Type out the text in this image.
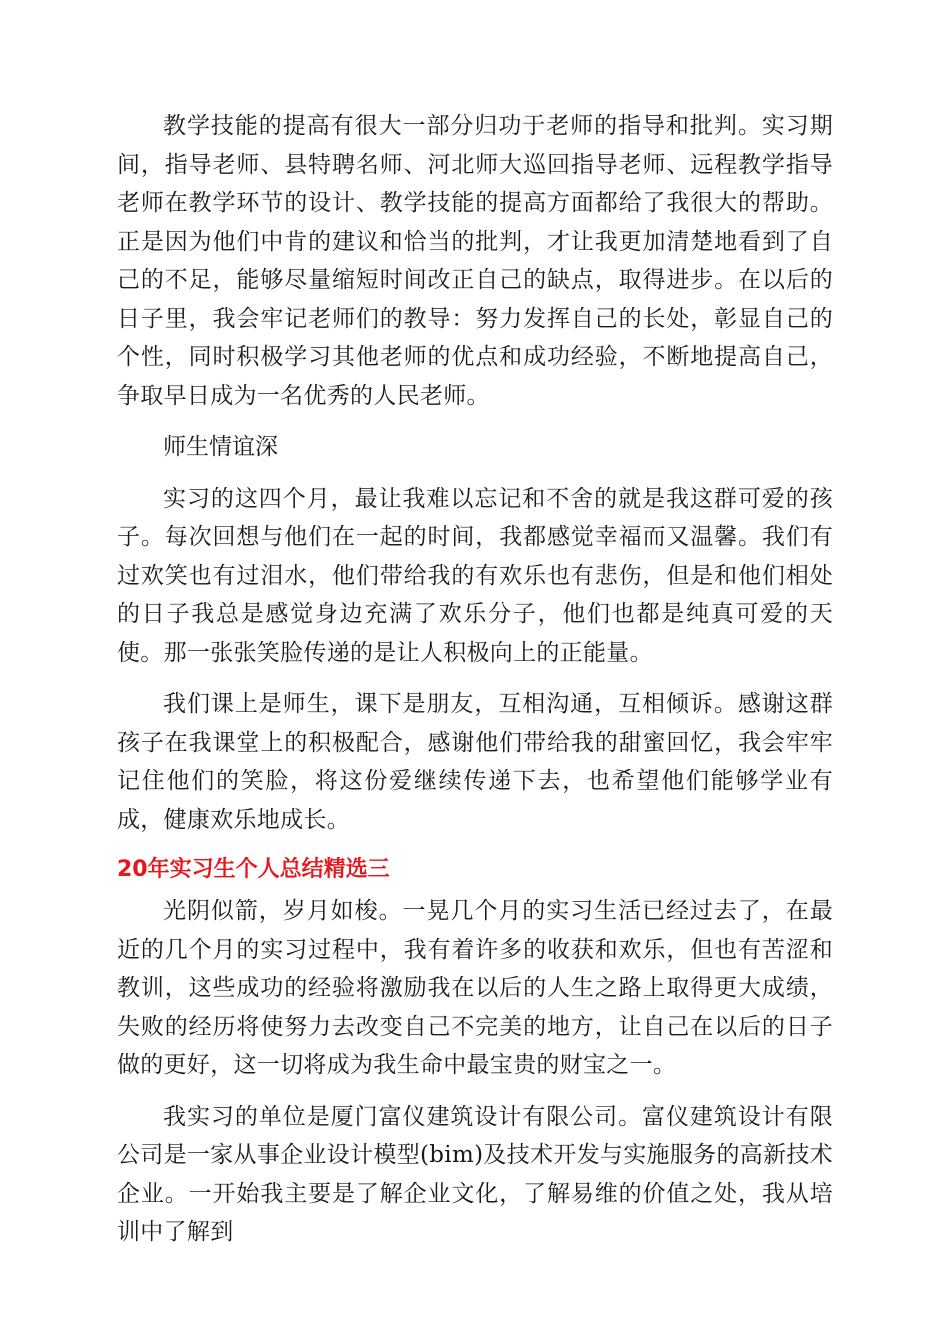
教学技能的提高有很大一部分归功于老师的指导和批判。实习期间，指导老师、县特聘名师、河北师大巡回指导老师、远程教学指导老师在教学环节的设计、教学技能的提高方面都给了我很大的帮助。正是因为他们中肯的建议和恰当的批判，才让我更加清楚地看到了自己的不足，能够尽量缩短时间改正自己的缺点，取得进步。在以后的日子里，我会牢记老师们的教导：努力发挥自己的长处，彰显自己的个性，同时积极学习其他老师的优点和成功经验，不断地提高自己，争取早日成为一名优秀的人民老师。

师生情谊深

实习的这四个月，最让我难以忘记和不舍的就是我这群可爱的孩子。每次回想与他们在一起的时间，我都感觉幸福而又温馨。我们有过欢笑也有过泪水，他们带给我的有欢乐也有悲伤，但是和他们相处的日子我总是感觉身边充满了欢乐分子，他们也都是纯真可爱的天使。那一张张笑脸传递的是让人积极向上的正能量。

我们课上是师生，课下是朋友，互相沟通，互相倾诉。感谢这群孩子在我课堂上的积极配合，感谢他们带给我的甜蜜回忆，我会牢牢记住他们的笑脸，将这份爱继续传递下去，也希望他们能够学业有成，健康欢乐地成长。

20年实习生个人总结精选三

光阴似箭，岁月如梭。一晃几个月的实习生活已经过去了，在最近的几个月的实习过程中，我有着许多的收获和欢乐，但也有苦涩和教训，这些成功的经验将激励我在以后的人生之路上取得更大成绩，失败的经历将使努力去改变自己不完美的地方，让自己在以后的日子做的更好，这一切将成为我生命中最宝贵的财宝之一。

我实习的单位是厦门富仪建筑设计有限公司。富仪建筑设计有限公司是一家从事企业设计模型(bim)及技术开发与实施服务的高新技术企业。一开始我主要是了解企业文化，了解易维的价值之处，我从培训中了解到
